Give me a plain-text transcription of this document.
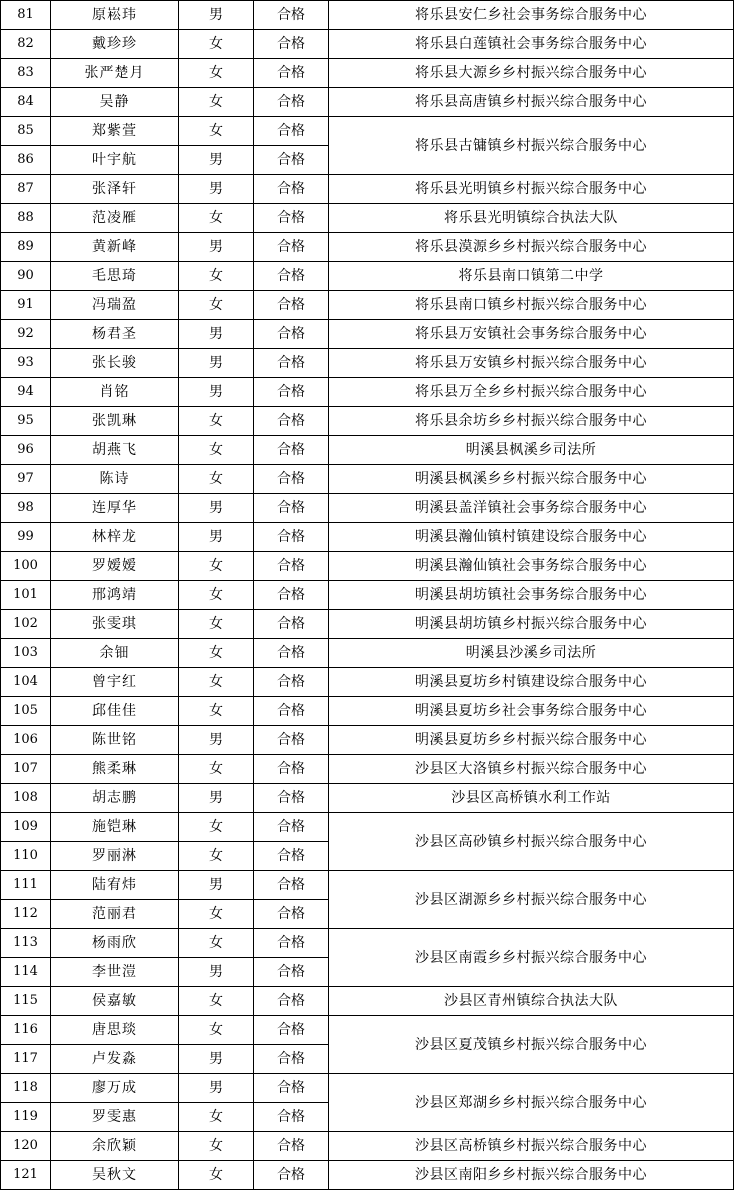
81	原崧玮	男	合格	将乐县安仁乡社会事务综合服务中心
82	戴珍珍	女	合格	将乐县白莲镇社会事务综合服务中心
83	张严楚月	女	合格	将乐县大源乡乡村振兴综合服务中心
84	吴静	女	合格	将乐县高唐镇乡村振兴综合服务中心
85	郑紫萱	女	合格	将乐县古镛镇乡村振兴综合服务中心
86	叶宇航	男	合格	
87	张泽轩	男	合格	将乐县光明镇乡村振兴综合服务中心
88	范凌雁	女	合格	将乐县光明镇综合执法大队
89	黄新峰	男	合格	将乐县漠源乡乡村振兴综合服务中心
90	毛思琦	女	合格	将乐县南口镇第二中学
91	冯瑞盈	女	合格	将乐县南口镇乡村振兴综合服务中心
92	杨君圣	男	合格	将乐县万安镇社会事务综合服务中心
93	张长骏	男	合格	将乐县万安镇乡村振兴综合服务中心
94	肖铭	男	合格	将乐县万全乡乡村振兴综合服务中心
95	张凯琳	女	合格	将乐县余坊乡乡村振兴综合服务中心
96	胡燕飞	女	合格	明溪县枫溪乡司法所
97	陈诗	女	合格	明溪县枫溪乡乡村振兴综合服务中心
98	连厚华	男	合格	明溪县盖洋镇社会事务综合服务中心
99	林梓龙	男	合格	明溪县瀚仙镇村镇建设综合服务中心
100	罗嫒嫒	女	合格	明溪县瀚仙镇社会事务综合服务中心
101	邢鸿靖	女	合格	明溪县胡坊镇社会事务综合服务中心
102	张雯琪	女	合格	明溪县胡坊镇乡村振兴综合服务中心
103	余钿	女	合格	明溪县沙溪乡司法所
104	曾宇红	女	合格	明溪县夏坊乡村镇建设综合服务中心
105	邱佳佳	女	合格	明溪县夏坊乡社会事务综合服务中心
106	陈世铭	男	合格	明溪县夏坊乡乡村振兴综合服务中心
107	熊柔琳	女	合格	沙县区大洛镇乡村振兴综合服务中心
108	胡志鹏	男	合格	沙县区高桥镇水利工作站
109	施铠琳	女	合格	沙县区高砂镇乡村振兴综合服务中心
110	罗丽淋	女	合格	
111	陆宥炜	男	合格	沙县区湖源乡乡村振兴综合服务中心
112	范丽君	女	合格	
113	杨雨欣	女	合格	沙县区南霞乡乡村振兴综合服务中心
114	李世溰	男	合格	
115	侯嘉敏	女	合格	沙县区青州镇综合执法大队
116	唐思琰	女	合格	沙县区夏茂镇乡村振兴综合服务中心
117	卢发淼	男	合格	
118	廖万成	男	合格	沙县区郑湖乡乡村振兴综合服务中心
119	罗雯惠	女	合格	
120	余欣颖	女	合格	沙县区高桥镇乡村振兴综合服务中心
121	吴秋文	女	合格	沙县区南阳乡乡村振兴综合服务中心
